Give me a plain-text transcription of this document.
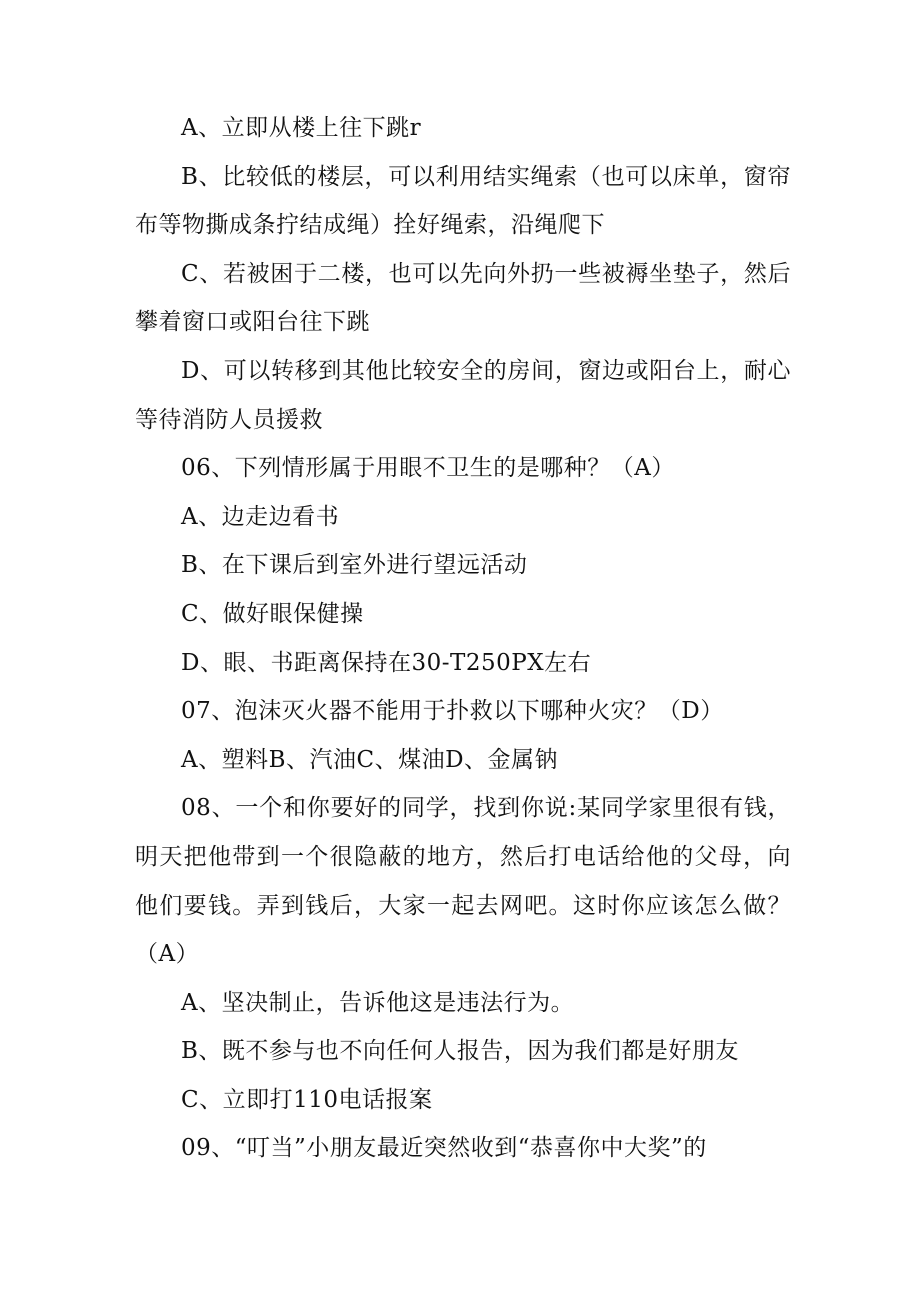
A、立即从楼上往下跳r

B、比较低的楼层，可以利用结实绳索（也可以床单，窗帘布等物撕成条拧结成绳）拴好绳索，沿绳爬下

C、若被困于二楼，也可以先向外扔一些被褥坐垫子，然后攀着窗口或阳台往下跳

D、可以转移到其他比较安全的房间，窗边或阳台上，耐心等待消防人员援救

06、下列情形属于用眼不卫生的是哪种？（A）

A、边走边看书

B、在下课后到室外进行望远活动

C、做好眼保健操

D、眼、书距离保持在30-T250PX左右

07、泡沫灭火器不能用于扑救以下哪种火灾？（D）

A、塑料B、汽油C、煤油D、金属钠

08、一个和你要好的同学，找到你说:某同学家里很有钱，明天把他带到一个很隐蔽的地方，然后打电话给他的父母，向他们要钱。弄到钱后，大家一起去网吧。这时你应该怎么做？（A）

A、坚决制止，告诉他这是违法行为。

B、既不参与也不向任何人报告，因为我们都是好朋友

C、立即打110电话报案

09、“叮当”小朋友最近突然收到“恭喜你中大奖”的
